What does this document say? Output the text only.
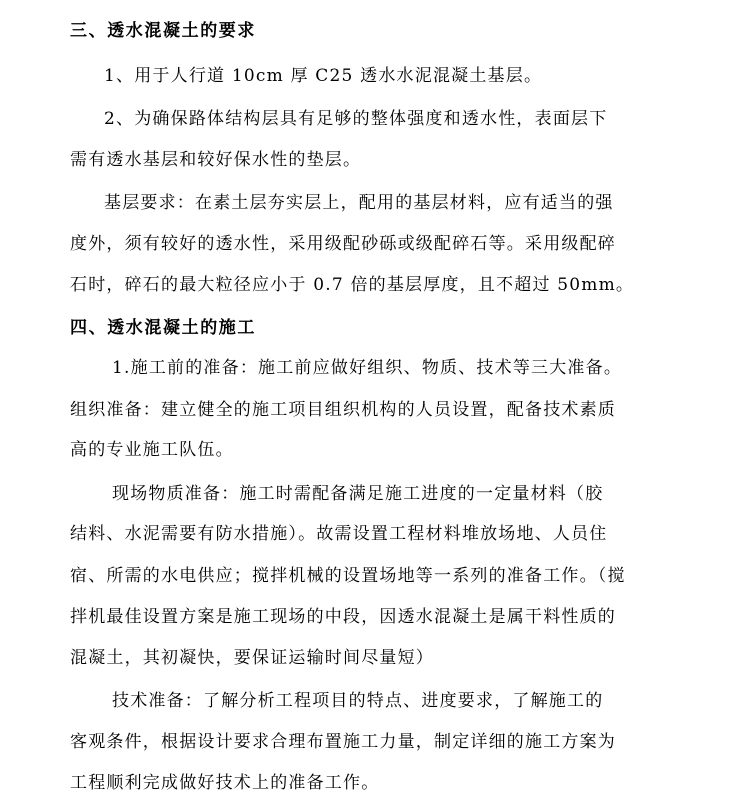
三、透水混凝土的要求
1、用于人行道 10cm 厚 C25 透水水泥混凝土基层。
2、为确保路体结构层具有足够的整体强度和透水性，表面层下
需有透水基层和较好保水性的垫层。
基层要求：在素土层夯实层上，配用的基层材料，应有适当的强
度外，须有较好的透水性，采用级配砂砾或级配碎石等。采用级配碎
石时，碎石的最大粒径应小于 0.7 倍的基层厚度，且不超过 50mm。
四、透水混凝土的施工
1.施工前的准备：施工前应做好组织、物质、技术等三大准备。
组织准备：建立健全的施工项目组织机构的人员设置，配备技术素质
高的专业施工队伍。
现场物质准备：施工时需配备满足施工进度的一定量材料（胶
结料、水泥需要有防水措施）。故需设置工程材料堆放场地、人员住
宿、所需的水电供应；搅拌机械的设置场地等一系列的准备工作。（搅
拌机最佳设置方案是施工现场的中段，因透水混凝土是属干料性质的
混凝土，其初凝快，要保证运输时间尽量短）
技术准备：了解分析工程项目的特点、进度要求，了解施工的
客观条件，根据设计要求合理布置施工力量，制定详细的施工方案为
工程顺利完成做好技术上的准备工作。
